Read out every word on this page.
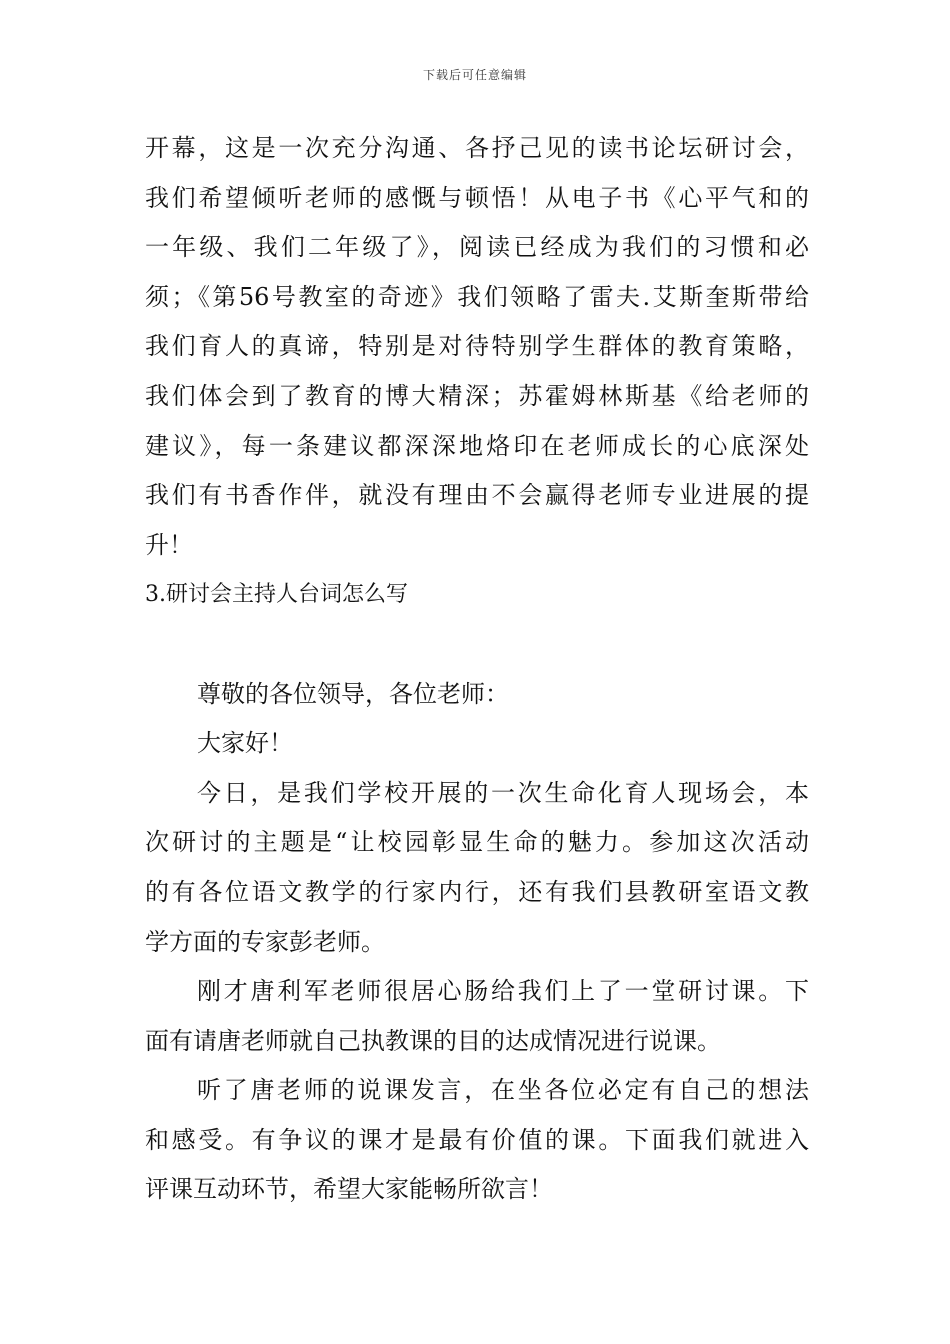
下载后可任意编辑
开幕，这是一次充分沟通、各抒己见的读书论坛研讨会，
我们希望倾听老师的感慨与顿悟！从电子书《心平气和的
一年级、我们二年级了》，阅读已经成为我们的习惯和必
须；《第56号教室的奇迹》我们领略了雷夫.艾斯奎斯带给
我们育人的真谛，特别是对待特别学生群体的教育策略，
我们体会到了教育的博大精深；苏霍姆林斯基《给老师的
建议》，每一条建议都深深地烙印在老师成长的心底深处
我们有书香作伴，就没有理由不会赢得老师专业进展的提
升！
3.研讨会主持人台词怎么写
尊敬的各位领导，各位老师：
大家好！
今日，是我们学校开展的一次生命化育人现场会，本
次研讨的主题是“让校园彰显生命的魅力。参加这次活动
的有各位语文教学的行家内行，还有我们县教研室语文教
学方面的专家彭老师。
刚才唐利军老师很居心肠给我们上了一堂研讨课。下
面有请唐老师就自己执教课的目的达成情况进行说课。
听了唐老师的说课发言，在坐各位必定有自己的想法
和感受。有争议的课才是最有价值的课。下面我们就进入
评课互动环节，希望大家能畅所欲言！
